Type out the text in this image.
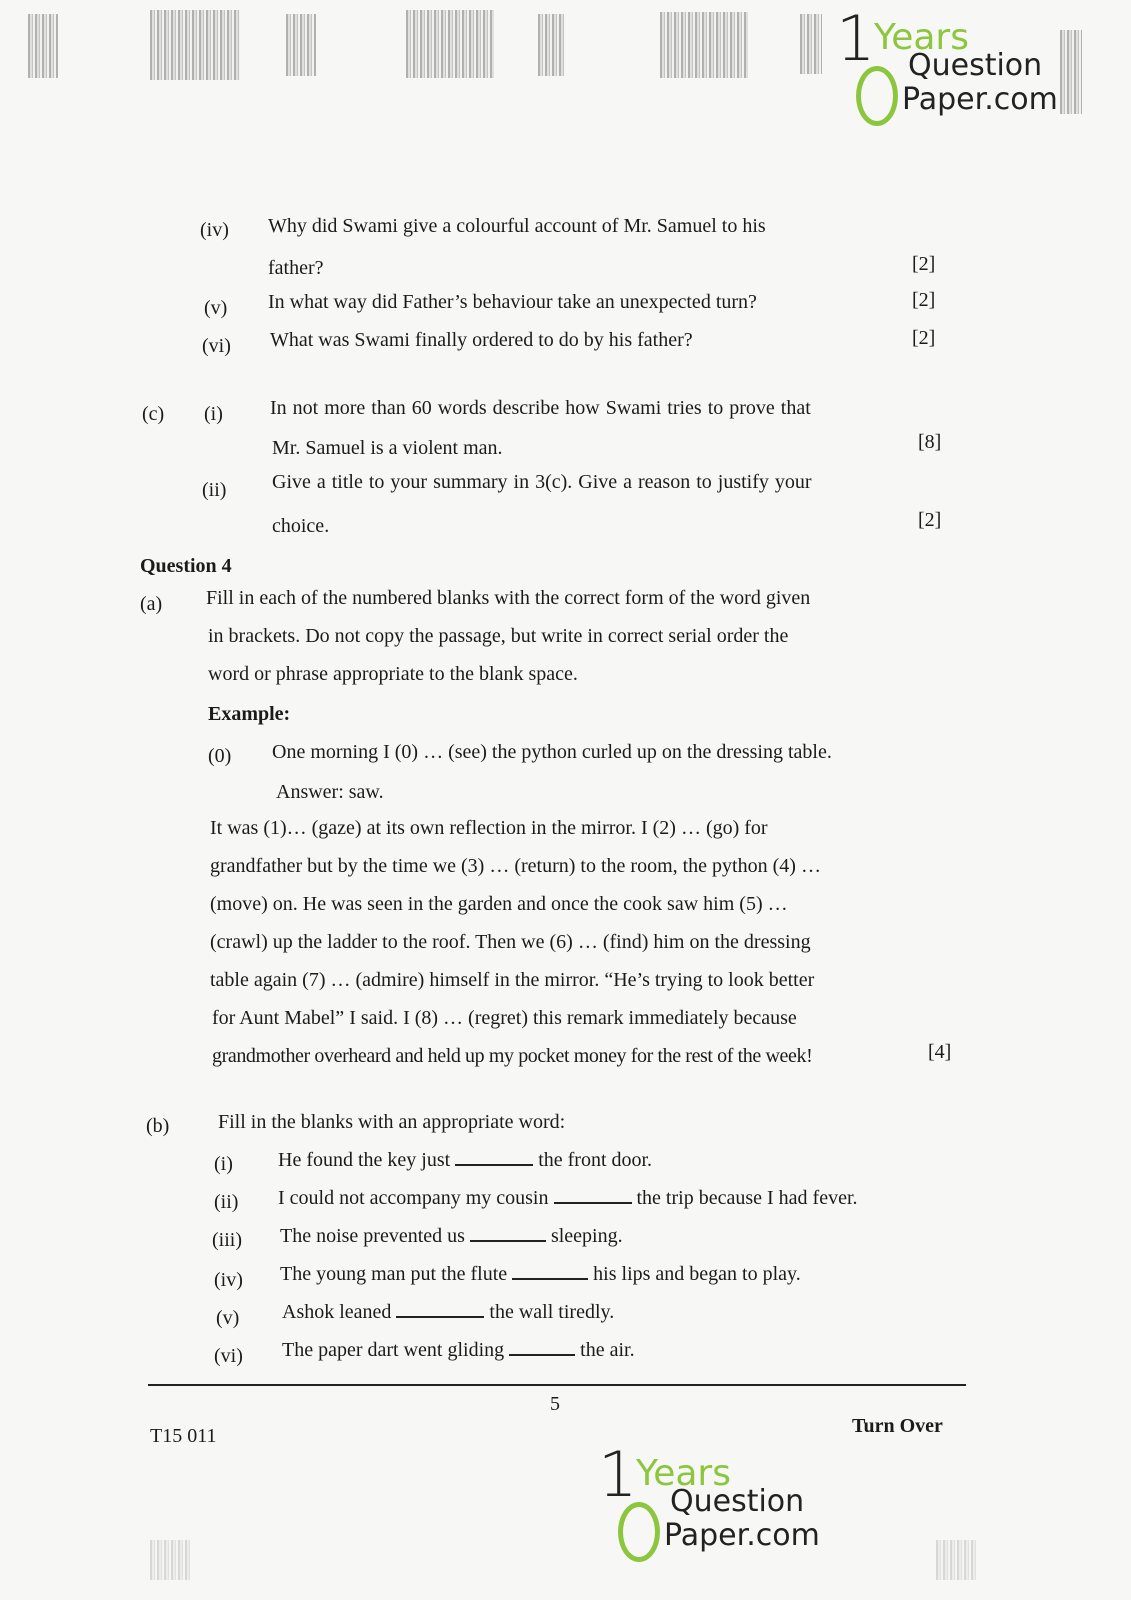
1
Years
Question
Paper.com
(iv) Why did Swami give a colourful account of Mr. Samuel to his
father?	[2]
(v) In what way did Father’s behaviour take an unexpected turn?	[2]
(vi) What was Swami finally ordered to do by his father?	[2]
(c) (i) In not more than 60 words describe how Swami tries to prove that
Mr. Samuel is a violent man.	[8]
(ii) Give a title to your summary in 3(c). Give a reason to justify your
choice.	[2]
Question 4
(a) Fill in each of the numbered blanks with the correct form of the word given
in brackets. Do not copy the passage, but write in correct serial order the
word or phrase appropriate to the blank space.
Example:
(0) One morning I (0) … (see) the python curled up on the dressing table.
Answer: saw.
It was (1)… (gaze) at its own reflection in the mirror. I (2) … (go) for
grandfather but by the time we (3) … (return) to the room, the python (4) …
(move) on. He was seen in the garden and once the cook saw him (5) …
(crawl) up the ladder to the roof. Then we (6) … (find) him on the dressing
table again (7) … (admire) himself in the mirror. “He’s trying to look better
for Aunt Mabel” I said. I (8) … (regret) this remark immediately because
grandmother overheard and held up my pocket money for the rest of the week!	[4]
(b) Fill in the blanks with an appropriate word:
(i) He found the key just	the front door.
(ii) I could not accompany my cousin	the trip because I had fever.
(iii) The noise prevented us	sleeping.
(iv) The young man put the flute	his lips and began to play.
(v) Ashok leaned	the wall tiredly.
(vi) The paper dart went gliding	the air.
5
T15 011	Turn Over
1
Years
Question
Paper.com
